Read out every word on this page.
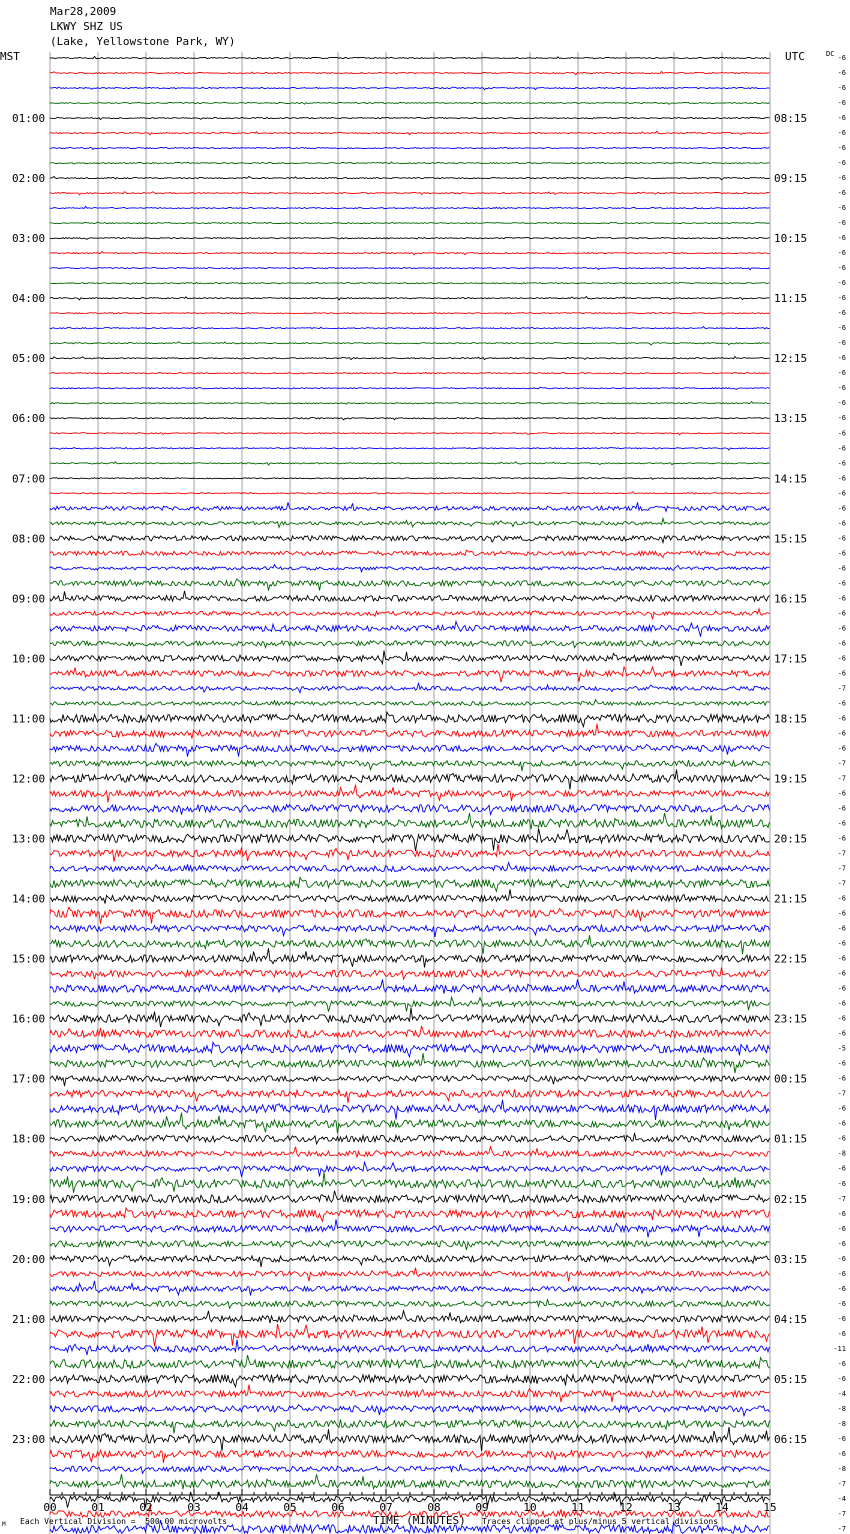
Mar28,2009
LKWY SHZ US
(Lake, Yellowstone Park, WY)
MST	UTC	DC
01:00
02:00
03:00
04:00
05:00
06:00
07:00
08:00
09:00
10:00
11:00
12:00
13:00
14:00
15:00
16:00
17:00
18:00
19:00
20:00
21:00
22:00
23:00
08:15
09:15
10:15
11:15
12:15
13:15
14:15
15:15
16:15
17:15
18:15
19:15
20:15
21:15
22:15
23:15
00:15
01:15
02:15
03:15
04:15
05:15
06:15
-6
-6
-6
-6
-6
-6
-6
-6
-6
-6
-6
-6
-6
-6
-6
-6
-6
-6
-6
-6
-6
-6
-6
-6
-6
-6
-6
-6
-6
-6
-6
-6
-6
-6
-6
-6
-6
-6
-6
-6
-6
-6
-7
-6
-6
-6
-6
-7
-7
-6
-6
-6
-6
-7
-7
-7
-6
-6
-6
-6
-6
-6
-6
-6
-6
-6
-5
-6
-6
-7
-6
-6
-6
-8
-6
-6
-7
-6
-6
-6
-6
-6
-6
-6
-6
-6
-11
-6
-6
-4
-8
-8
-6
-6
-8
-7
-4
-7
-7
00	01	02	03	04	05	06	07	08	09	10	11	12	13	14	15
M Each Vertical Division =  500.00 microvolts	TIME (MINUTES) Traces clipped at plus/minus 5 vertical divisions
